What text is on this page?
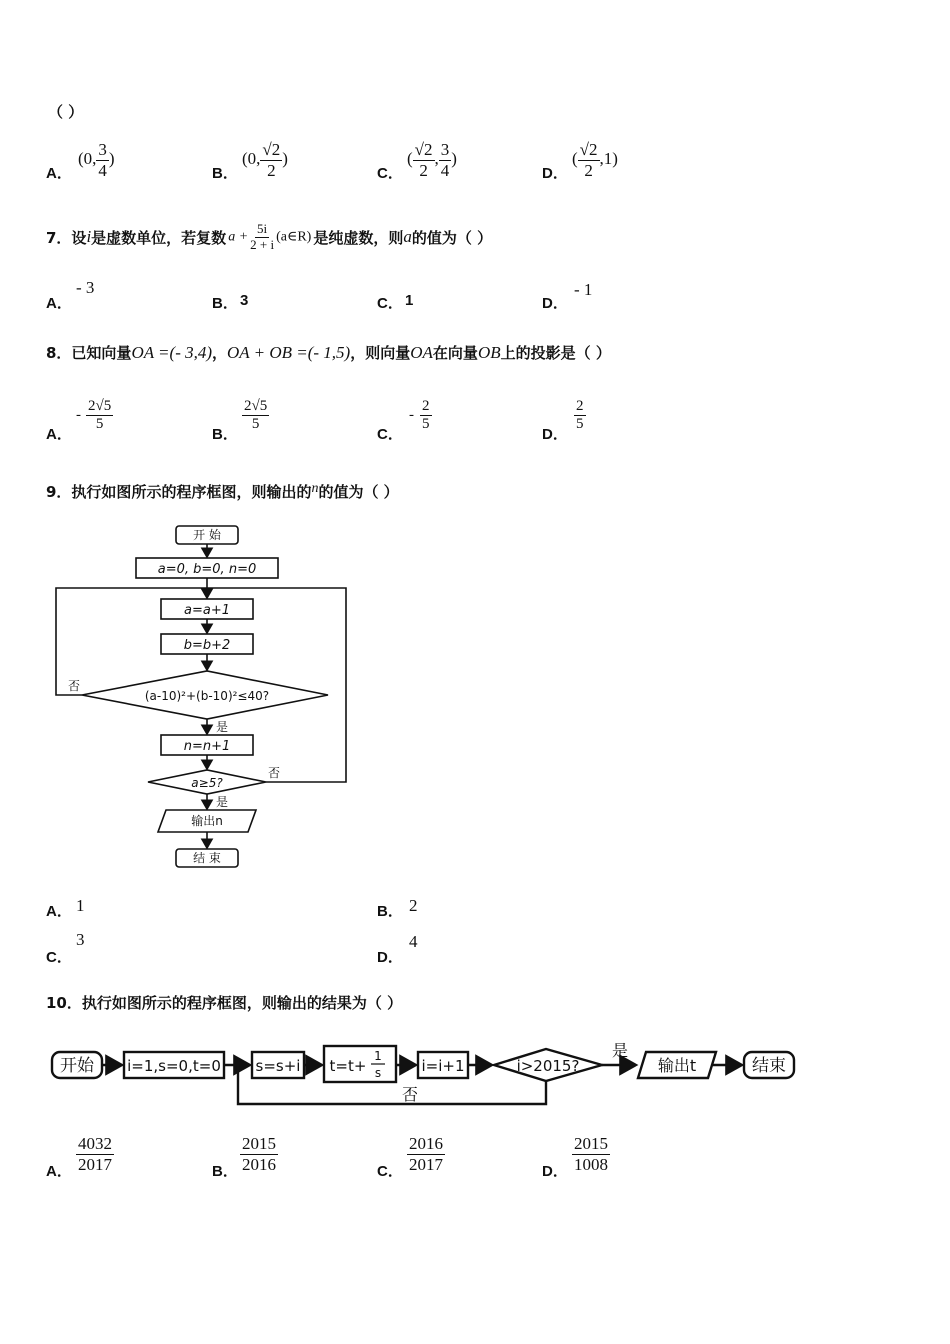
（ ）
A．
(0, $\frac{3}{4}$ )
B．
(0, $\frac{√2}{2}$ )
C．
( $\frac{√2}{2}$ , $\frac{3}{4}$ )
D．
( $\frac{√2}{2} ,1$)
7．设 i 是虚数单位，若复数 $a + \frac{5i}{2 + i}$ (a∈R) 是纯虚数，则 a 的值为（ ）
A．
- 3
B． 3	C． 1	D．
- 1
8．已知向量 OA =(- 3,4) ， OA + OB =(- 1,5) ，则向量 OA 在向量 OB 上的投影是（ ）
A．
- $\frac{2√5}{5}$
B．
$\frac{2√5}{5}$
C．
- $\frac{2}{5}$
D．
$\frac{2}{5}$
9．执行如图所示的程序框图，则输出的n的值为（ ）
开 始
a=0, b=0, n=0
a=a+1
b=b+2
(a-10)²+(b-10)²≤40?
否
是
n=n+1
a≥5?
否
是
输出n
结 束
A． 1	B． 2
C．
3
D．
4
10．执行如图所示的程序框图，则输出的结果为（ ）
开始 i=1,s=0,t=0 s=s+i t=t+
1
s	i=i+1	i>2015?
是
否
输出t	结束
A． $\frac{4032}{2017}$	B． $\frac{2015}{2016}$	C． $\frac{2016}{2017}$	D． $\frac{2015}{1008}$
